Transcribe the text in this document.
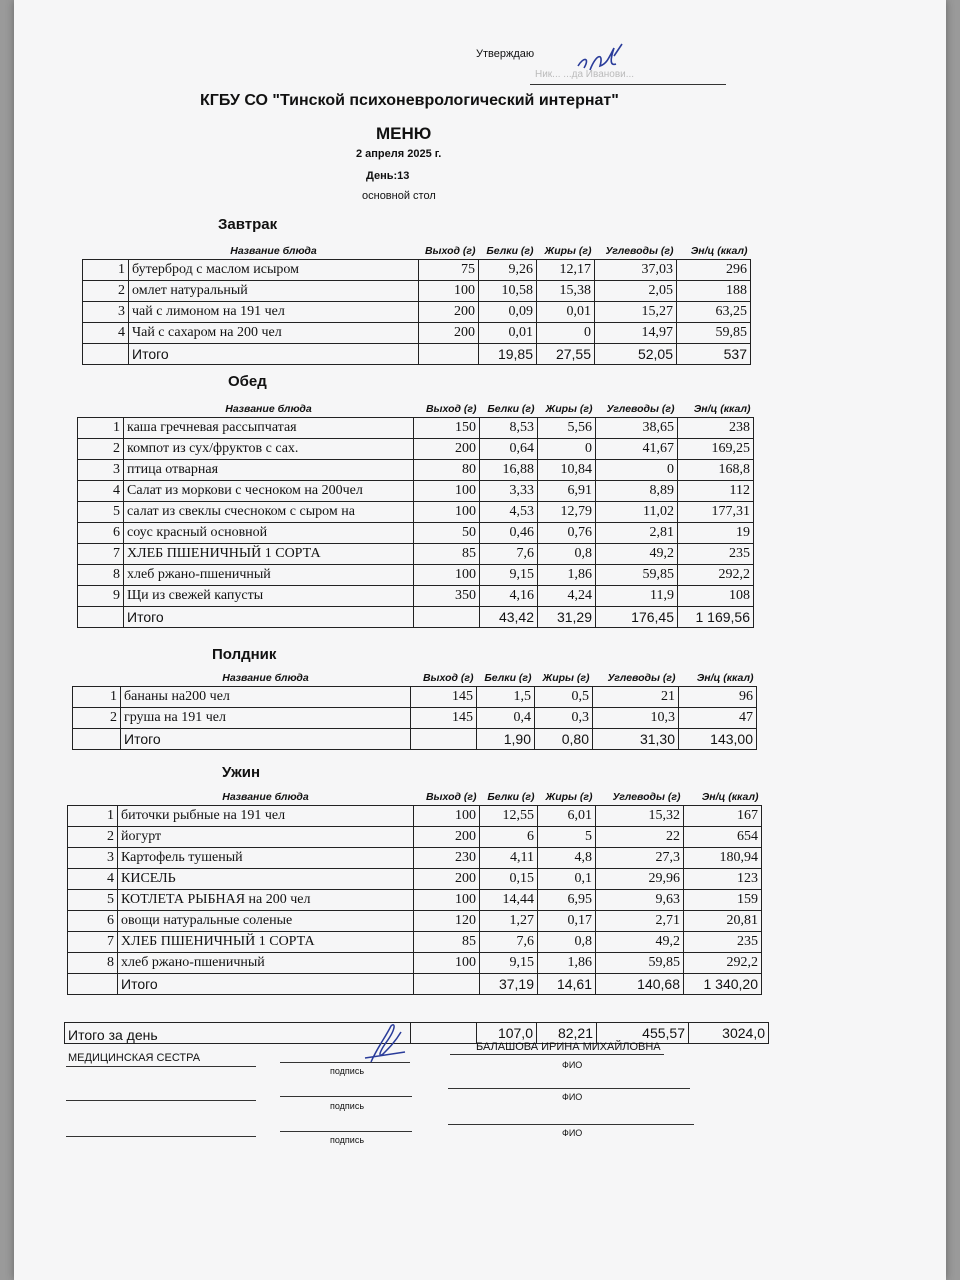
Утверждаю
Ник... ...да Иванови...
КГБУ СО "Тинской психоневрологический интернат"
МЕНЮ
2 апреля 2025 г.
День:13
основной стол
Завтрак
Обед
Полдник
Ужин
	Название блюда	Выход (г)	Белки (г)	Жиры (г)	Углеводы (г)	Эн/ц (ккал)
1	бутерброд с маслом исыром	75	9,26	12,17	37,03	296
2	омлет натуральный	100	10,58	15,38	2,05	188
3	чай с лимоном на 191 чел	200	0,09	0,01	15,27	63,25
4	Чай с сахаром на 200 чел	200	0,01	0	14,97	59,85
	Итого		19,85	27,55	52,05	537
	Название блюда	Выход (г)	Белки (г)	Жиры (г)	Углеводы (г)	Эн/ц (ккал)
1	каша гречневая рассыпчатая	150	8,53	5,56	38,65	238
2	компот из сух/фруктов с сах.	200	0,64	0	41,67	169,25
3	птица отварная	80	16,88	10,84	0	168,8
4	Салат из моркови с чесноком на 200чел	100	3,33	6,91	8,89	112
5	салат из свеклы счесноком с сыром на	100	4,53	12,79	11,02	177,31
6	соус красный основной	50	0,46	0,76	2,81	19
7	ХЛЕБ ПШЕНИЧНЫЙ 1 СОРТА	85	7,6	0,8	49,2	235
8	хлеб ржано-пшеничный	100	9,15	1,86	59,85	292,2
9	Щи из свежей капусты	350	4,16	4,24	11,9	108
	Итого		43,42	31,29	176,45	1 169,56
	Название блюда	Выход (г)	Белки (г)	Жиры (г)	Углеводы (г)	Эн/ц (ккал)
1	бананы на200 чел	145	1,5	0,5	21	96
2	груша на 191 чел	145	0,4	0,3	10,3	47
	Итого		1,90	0,80	31,30	143,00
	Название блюда	Выход (г)	Белки (г)	Жиры (г)	Углеводы (г)	Эн/ц (ккал)
1	биточки рыбные на 191 чел	100	12,55	6,01	15,32	167
2	йогурт	200	6	5	22	654
3	Картофель тушеный	230	4,11	4,8	27,3	180,94
4	КИСЕЛЬ	200	0,15	0,1	29,96	123
5	КОТЛЕТА РЫБНАЯ на 200 чел	100	14,44	6,95	9,63	159
6	овощи натуральные соленые	120	1,27	0,17	2,71	20,81
7	ХЛЕБ ПШЕНИЧНЫЙ 1 СОРТА	85	7,6	0,8	49,2	235
8	хлеб ржано-пшеничный	100	9,15	1,86	59,85	292,2
	Итого		37,19	14,61	140,68	1 340,20
Итого за день		107,0	82,21	455,57	3024,0
МЕДИЦИНСКАЯ СЕСТРА
подпись
БАЛАШОВА ИРИНА МИХАЙЛОВНА
ФИО
подпись
ФИО
подпись
ФИО
